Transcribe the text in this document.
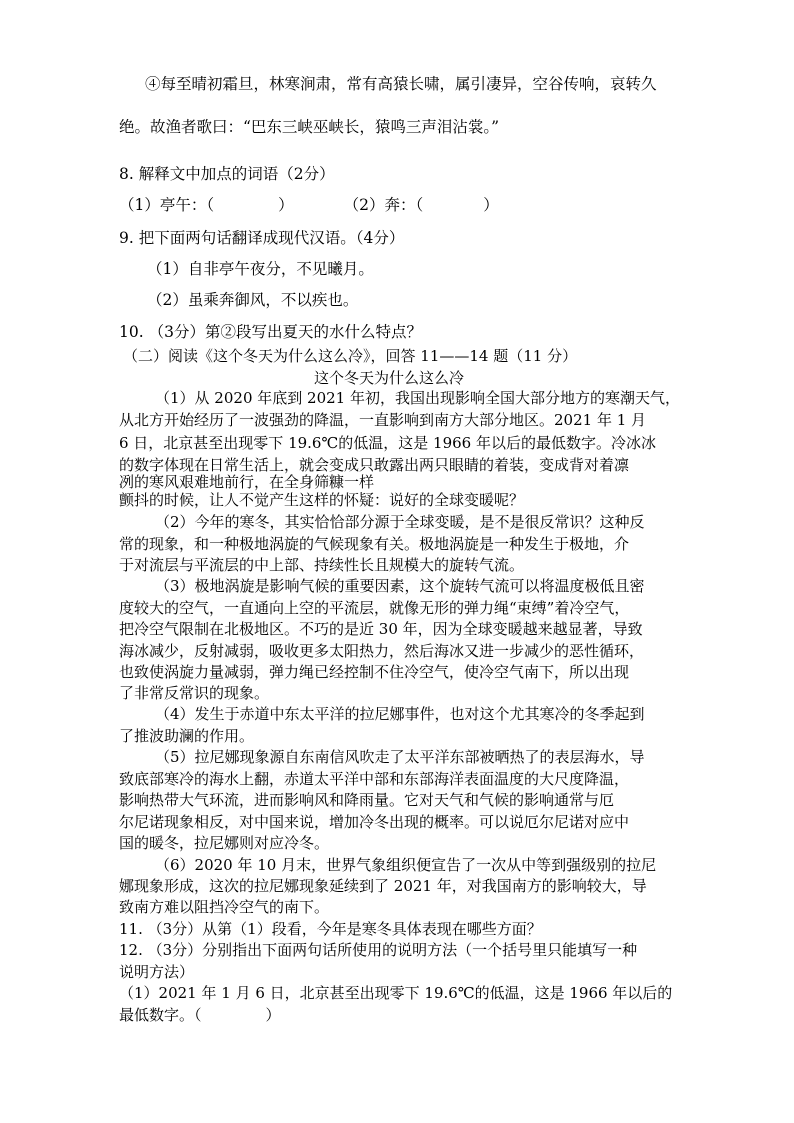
④每至晴初霜旦，林寒涧肃，常有高猿长啸，属引凄异，空谷传响，哀转久
绝。故渔者歌曰：“巴东三峡巫峡长，猿鸣三声泪沾裳。”
8. 解释文中加点的词语（2分）
（1）亭午：（	）	（2）奔：（	）
9. 把下面两句话翻译成现代汉语。（4分）
（1）自非亭午夜分，不见曦月。
（2）虽乘奔御风，不以疾也。
10. （3分）第②段写出夏天的水什么特点？
（二）阅读《这个冬天为什么这么冷》，回答 11——14 题（11 分）
这个冬天为什么这么冷
（1）从 2020 年底到 2021 年初，我国出现影响全国大部分地方的寒潮天气，
从北方开始经历了一波强劲的降温，一直影响到南方大部分地区。2021 年 1 月
6 日，北京甚至出现零下 19.6℃的低温，这是 1966 年以后的最低数字。冷冰冰
的数字体现在日常生活上，就会变成只敢露出两只眼睛的着装，变成背对着凛
冽的寒风艰难地前行，在全身筛糠一样
颤抖的时候，让人不觉产生这样的怀疑：说好的全球变暖呢？
（2）今年的寒冬，其实恰恰部分源于全球变暖，是不是很反常识？这种反
常的现象，和一种极地涡旋的气候现象有关。极地涡旋是一种发生于极地，介
于对流层与平流层的中上部、持续性长且规模大的旋转气流。
（3）极地涡旋是影响气候的重要因素，这个旋转气流可以将温度极低且密
度较大的空气，一直通向上空的平流层，就像无形的弹力绳“束缚”着冷空气，
把冷空气限制在北极地区。不巧的是近 30 年，因为全球变暖越来越显著，导致
海冰减少，反射减弱，吸收更多太阳热力，然后海冰又进一步减少的恶性循环，
也致使涡旋力量减弱，弹力绳已经控制不住冷空气，使冷空气南下，所以出现
了非常反常识的现象。
（4）发生于赤道中东太平洋的拉尼娜事件，也对这个尤其寒冷的冬季起到
了推波助澜的作用。
（5）拉尼娜现象源自东南信风吹走了太平洋东部被晒热了的表层海水，导
致底部寒冷的海水上翻，赤道太平洋中部和东部海洋表面温度的大尺度降温，
影响热带大气环流，进而影响风和降雨量。它对天气和气候的影响通常与厄
尔尼诺现象相反，对中国来说，增加冷冬出现的概率。可以说厄尔尼诺对应中
国的暖冬，拉尼娜则对应冷冬。
（6）2020 年 10 月末，世界气象组织便宣告了一次从中等到强级别的拉尼
娜现象形成，这次的拉尼娜现象延续到了 2021 年，对我国南方的影响较大，导
致南方难以阻挡冷空气的南下。
11. （3分）从第（1）段看，今年是寒冬具体表现在哪些方面？
12. （3分）分别指出下面两句话所使用的说明方法（一个括号里只能填写一种
说明方法）
（1）2021 年 1 月 6 日，北京甚至出现零下 19.6℃的低温，这是 1966 年以后的
最低数字。（	）
